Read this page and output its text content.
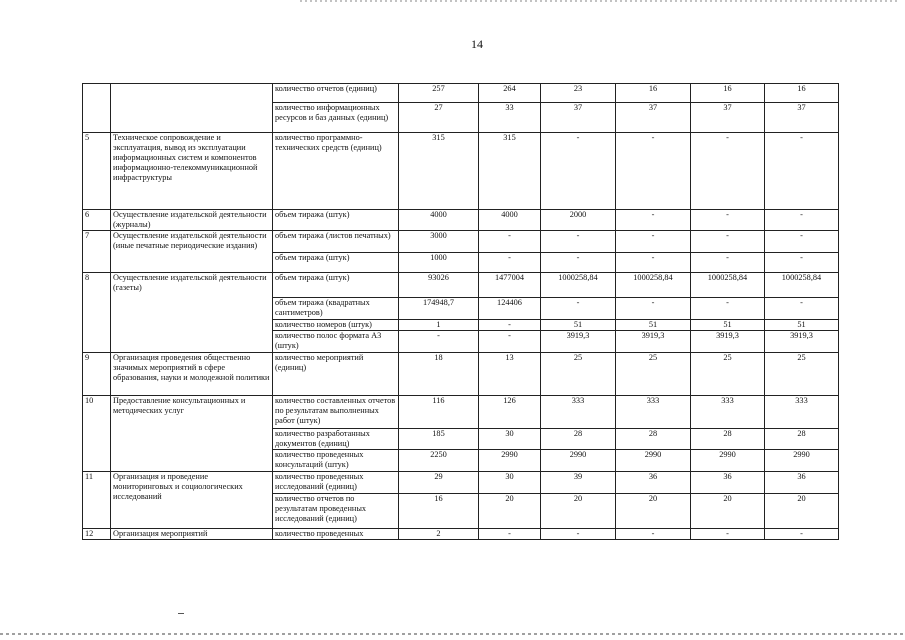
14
		количество отчетов (единиц)	257	264	23	16	16	16
		количество информационных ресурсов и баз данных (единиц)	27	33	37	37	37	37
5	Техническое сопровождение и эксплуатация, вывод из эксплуатации информационных систем и компонентов информационно-телекоммуникационной инфраструктуры	количество программно-технических средств (единиц)	315	315	-	-	-	-
6	Осуществление издательской деятельности (журналы)	объем тиража (штук)	4000	4000	2000	-	-	-
7	Осуществление издательской деятельности (иные печатные периодические издания)	объем тиража (листов печатных)	3000	-	-	-	-	-
		объем тиража (штук)	1000	-	-	-	-	-
8	Осуществление издательской деятельности (газеты)	объем тиража (штук)	93026	1477004	1000258,84	1000258,84	1000258,84	1000258,84
		объем тиража (квадратных сантиметров)	174948,7	124406	-	-	-	-
		количество номеров (штук)	1	-	51	51	51	51
		количество полос формата А3 (штук)	-	-	3919,3	3919,3	3919,3	3919,3
9	Организация проведения общественно значимых мероприятий в сфере образования, науки и молодежной политики	количество мероприятий (единиц)	18	13	25	25	25	25
10	Предоставление консультационных и методических услуг	количество составленных отчетов по результатам выполненных работ (штук)	116	126	333	333	333	333
		количество разработанных документов (единиц)	185	30	28	28	28	28
		количество проведенных консультаций (штук)	2250	2990	2990	2990	2990	2990
11	Организация и проведение мониторинговых и социологических исследований	количество проведенных исследований (единиц)	29	30	39	36	36	36
		количество отчетов по результатам проведенных исследований (единиц)	16	20	20	20	20	20
12	Организация мероприятий	количество проведенных	2	-	-	-	-	-
